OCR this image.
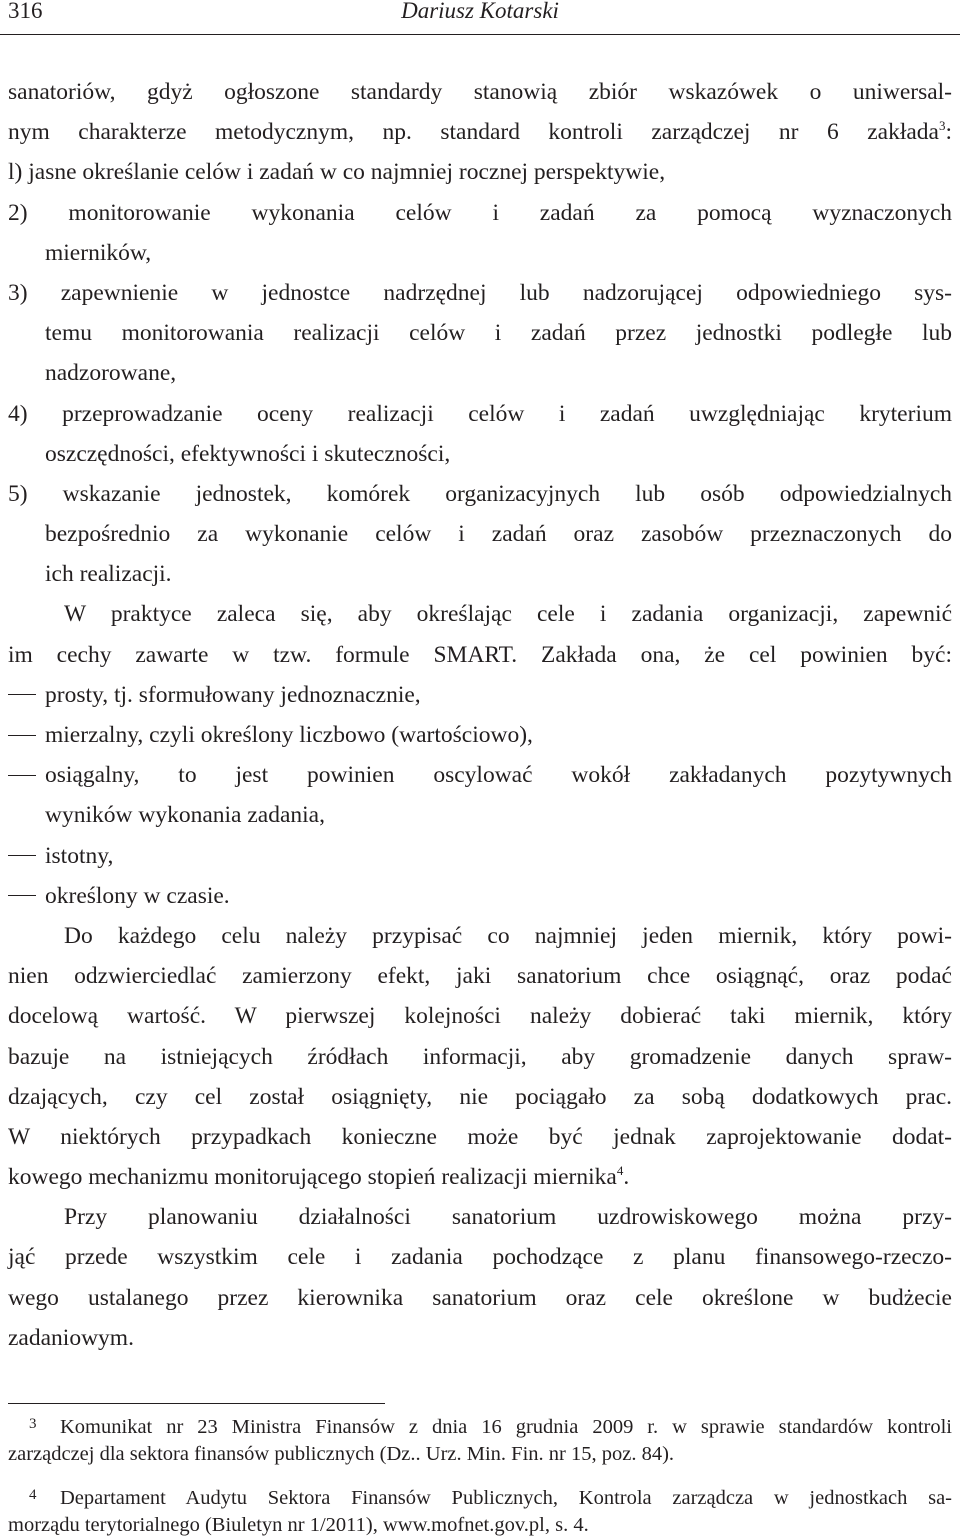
316	Dariusz Kotarski
sanatoriów, gdyż ogłoszone standardy stanowią zbiór wskazówek o uniwersal-
nym charakterze metodycznym, np. standard kontroli zarządczej nr 6 zakłada$^3$:
l) jasne określanie celów i zadań w co najmniej rocznej perspektywie,
2) monitorowanie wykonania celów i zadań za pomocą wyznaczonych
mierników,
3) zapewnienie w jednostce nadrzędnej lub nadzorującej odpowiedniego sys-
temu monitorowania realizacji celów i zadań przez jednostki podległe lub
nadzorowane,
4) przeprowadzanie oceny realizacji celów i zadań uwzględniając kryterium
oszczędności, efektywności i skuteczności,
5) wskazanie jednostek, komórek organizacyjnych lub osób odpowiedzialnych
bezpośrednio za wykonanie celów i zadań oraz zasobów przeznaczonych do
ich realizacji.
W praktyce zaleca się, aby określając cele i zadania organizacji, zapewnić
im cechy zawarte w tzw. formule SMART. Zakłada ona, że cel powinien być:
prosty, tj. sformułowany jednoznacznie,
mierzalny, czyli określony liczbowo (wartościowo),
osiągalny, to jest powinien oscylować wokół zakładanych pozytywnych
wyników wykonania zadania,
istotny,
określony w czasie.
Do każdego celu należy przypisać co najmniej jeden miernik, który powi-
nien odzwierciedlać zamierzony efekt, jaki sanatorium chce osiągnąć, oraz podać
docelową wartość. W pierwszej kolejności należy dobierać taki miernik, który
bazuje na istniejących źródłach informacji, aby gromadzenie danych spraw-
dzających, czy cel został osiągnięty, nie pociągało za sobą dodatkowych prac.
W niektórych przypadkach konieczne może być jednak zaprojektowanie dodat-
kowego mechanizmu monitorującego stopień realizacji miernika$^4$.
Przy planowaniu działalności sanatorium uzdrowiskowego można przy-
jąć przede wszystkim cele i zadania pochodzące z planu finansowego-rzeczo-
wego ustalanego przez kierownika sanatorium oraz cele określone w budżecie
zadaniowym.
3 Komunikat nr 23 Ministra Finansów z dnia 16 grudnia 2009 r. w sprawie standardów kontroli
zarządczej dla sektora finansów publicznych (Dz.. Urz. Min. Fin. nr 15, poz. 84).
4 Departament Audytu Sektora Finansów Publicznych, Kontrola zarządcza w jednostkach sa-
morządu terytorialnego (Biuletyn nr 1/2011), www.mofnet.gov.pl, s. 4.
